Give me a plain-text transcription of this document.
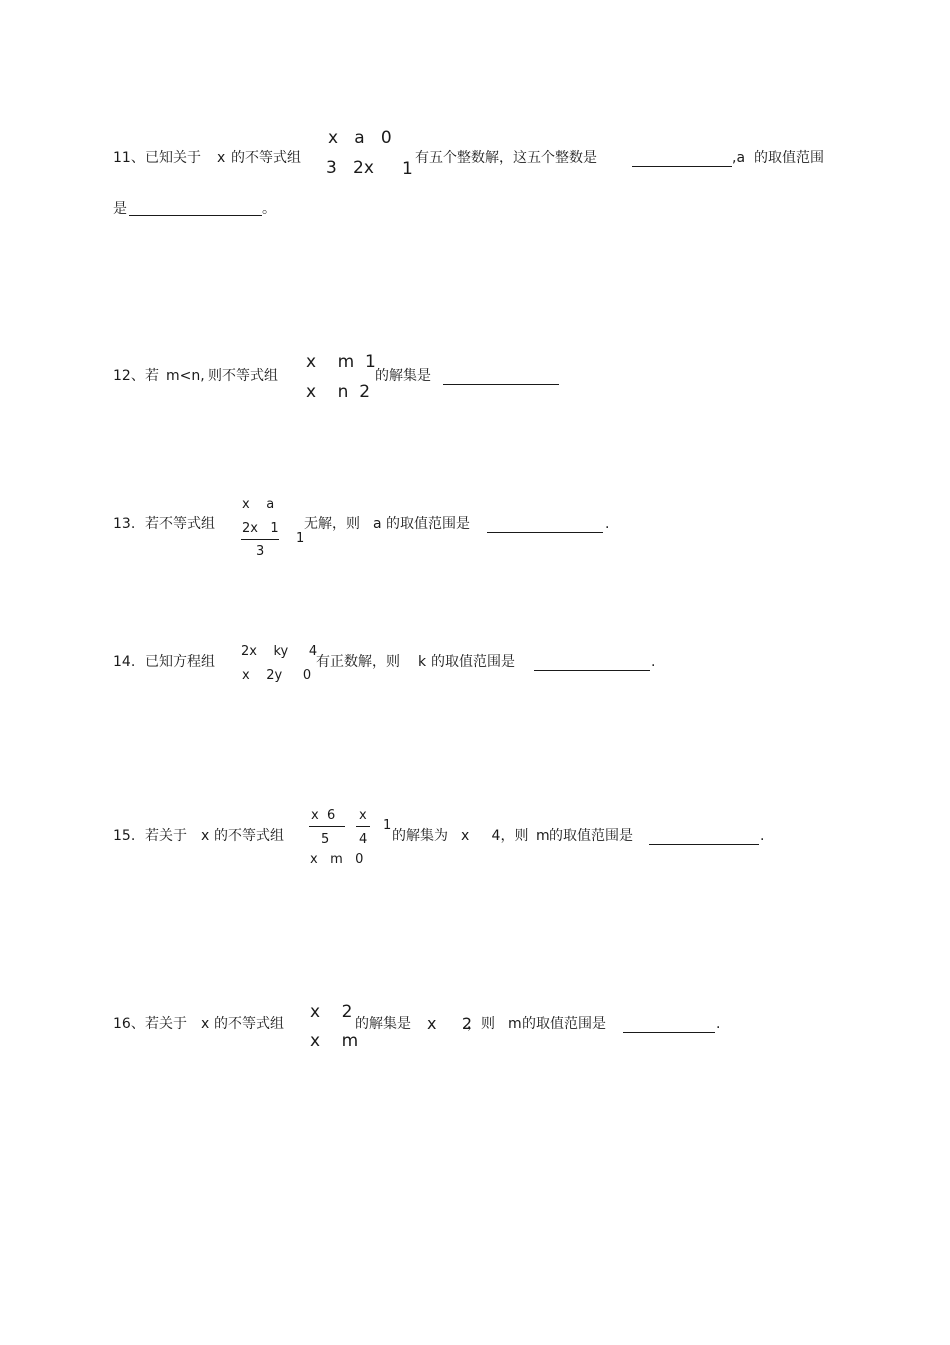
11、 已知关于 x 的不等式组
x   a   0
3   2x 1
有五个整数解，这五个整数是	,a 的取值范围
是	。
12、 若 m<n, 则不等式组
x    m  1
x    n  2
的解集是
13. 若不等式组
x    a
2x   1
3
1
无解，则 a 的取值范围是	.
14. 已知方程组
2x    ky     4
x    2y     0
有正数解，则 k 的取值范围是	.
15. 若关于 x 的不等式组
x  6
5
x
4
1
x   m   0
的解集为 x     4，则 m 的取值范围是	.
16、 若关于 x 的不等式组
x    2
x    m
的解集是 x     2
，则 m 的取值范围是	.
